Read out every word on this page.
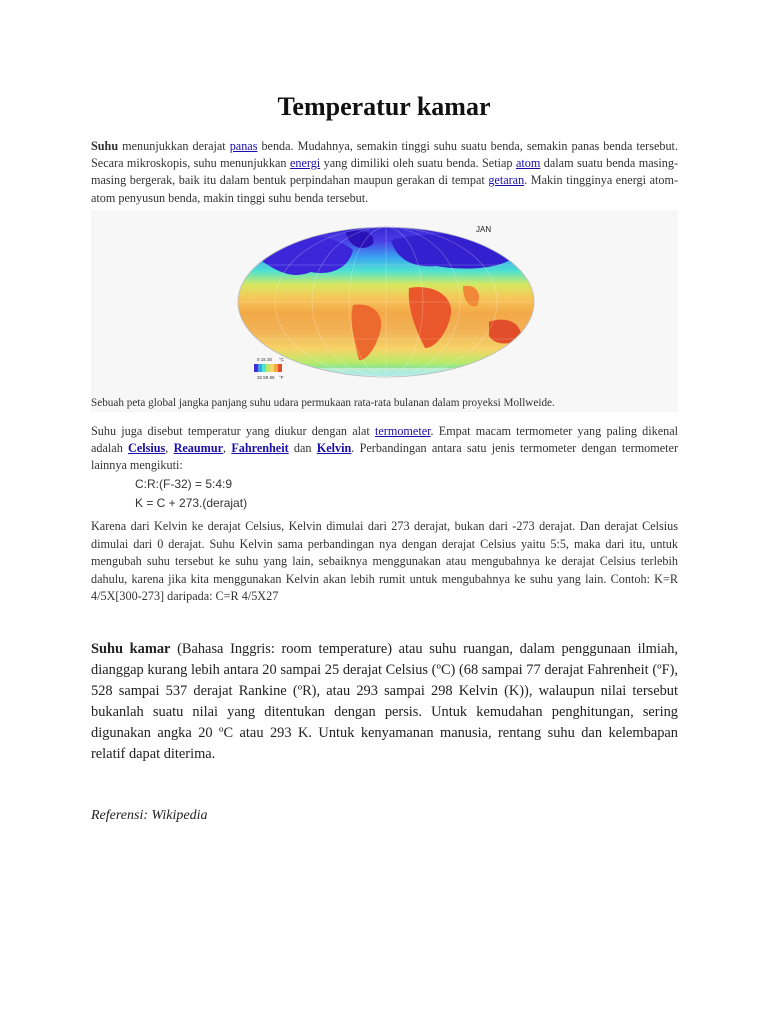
Temperatur kamar
Suhu menunjukkan derajat panas benda. Mudahnya, semakin tinggi suhu suatu benda, semakin panas benda tersebut. Secara mikroskopis, suhu menunjukkan energi yang dimiliki oleh suatu benda. Setiap atom dalam suatu benda masing-masing bergerak, baik itu dalam bentuk perpindahan maupun gerakan di tempat getaran. Makin tingginya energi atom-atom penyusun benda, makin tinggi suhu benda tersebut.
JAN
0 15 30 °C
32 59 86 °F
Sebuah peta global jangka panjang suhu udara permukaan rata-rata bulanan dalam proyeksi Mollweide.
Suhu juga disebut temperatur yang diukur dengan alat termometer. Empat macam termometer yang paling dikenal adalah Celsius, Reaumur, Fahrenheit dan Kelvin. Perbandingan antara satu jenis termometer dengan termometer lainnya mengikuti:
C:R:(F-32) = 5:4:9
K = C + 273.(derajat)
Karena dari Kelvin ke derajat Celsius, Kelvin dimulai dari 273 derajat, bukan dari -273 derajat. Dan derajat Celsius dimulai dari 0 derajat. Suhu Kelvin sama perbandingan nya dengan derajat Celsius yaitu 5:5, maka dari itu, untuk mengubah suhu tersebut ke suhu yang lain, sebaiknya menggunakan atau mengubahnya ke derajat Celsius terlebih dahulu, karena jika kita menggunakan Kelvin akan lebih rumit untuk mengubahnya ke suhu yang lain. Contoh: K=R 4/5X[300-273] daripada: C=R 4/5X27
Suhu kamar (Bahasa Inggris: room temperature) atau suhu ruangan, dalam penggunaan ilmiah, dianggap kurang lebih antara 20 sampai 25 derajat Celsius (ºC) (68 sampai 77 derajat Fahrenheit (ºF), 528 sampai 537 derajat Rankine (ºR), atau 293 sampai 298 Kelvin (K)), walaupun nilai tersebut bukanlah suatu nilai yang ditentukan dengan persis. Untuk kemudahan penghitungan, sering digunakan angka 20 ºC atau 293 K. Untuk kenyamanan manusia, rentang suhu dan kelembapan relatif dapat diterima.
Referensi: Wikipedia
